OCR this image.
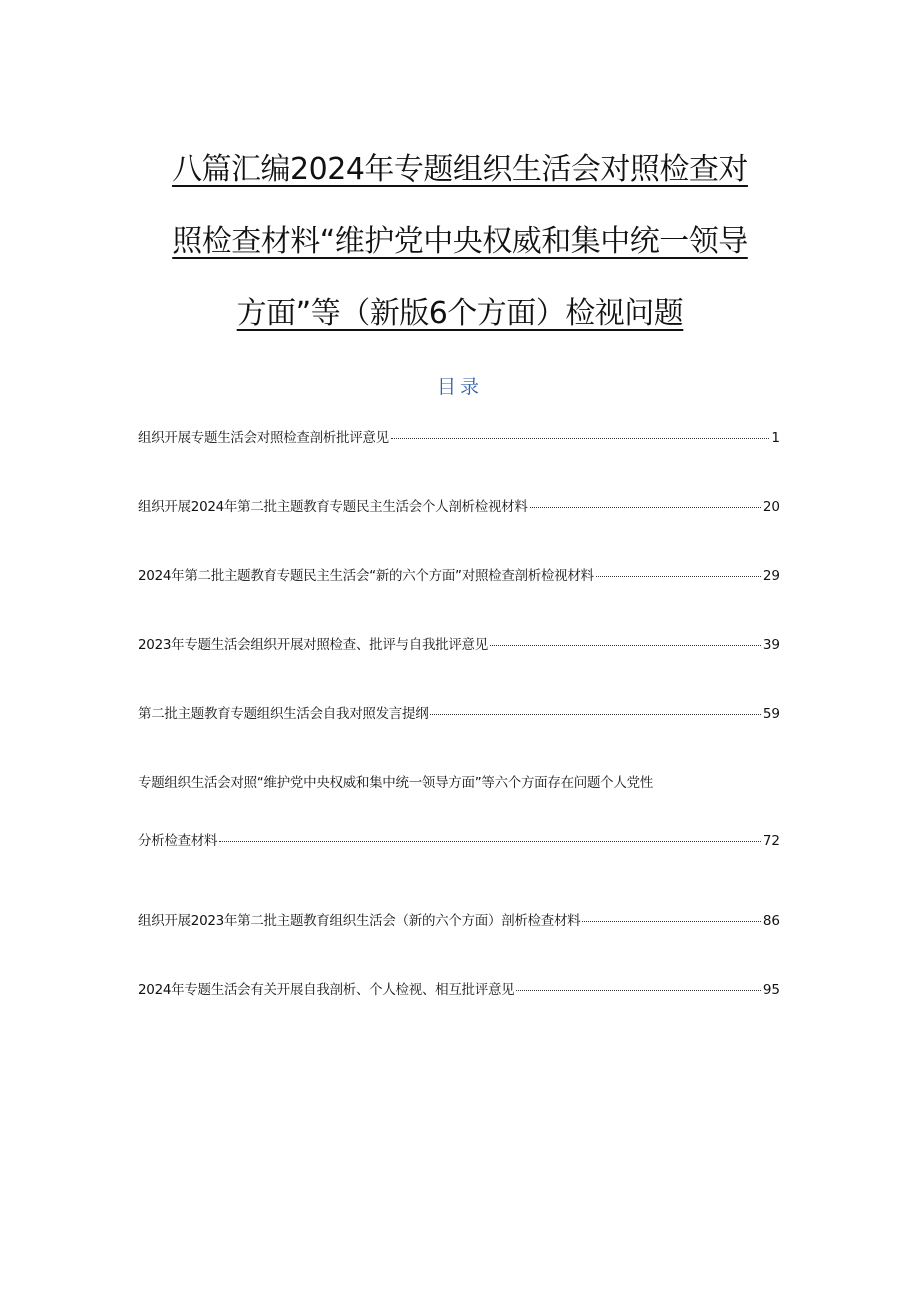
八篇汇编2024年专题组织生活会对照检查对
照检查材料“维护党中央权威和集中统一领导
方面”等（新版6个方面）检视问题
目录
组织开展专题生活会对照检查剖析批评意见	1
组织开展2024年第二批主题教育专题民主生活会个人剖析检视材料	20
2024年第二批主题教育专题民主生活会“新的六个方面”对照检查剖析检视材料	29
2023年专题生活会组织开展对照检查、批评与自我批评意见	39
第二批主题教育专题组织生活会自我对照发言提纲	59
专题组织生活会对照“维护党中央权威和集中统一领导方面”等六个方面存在问题个人党性
分析检查材料	72
组织开展2023年第二批主题教育组织生活会（新的六个方面）剖析检查材料	86
2024年专题生活会有关开展自我剖析、个人检视、相互批评意见	95
